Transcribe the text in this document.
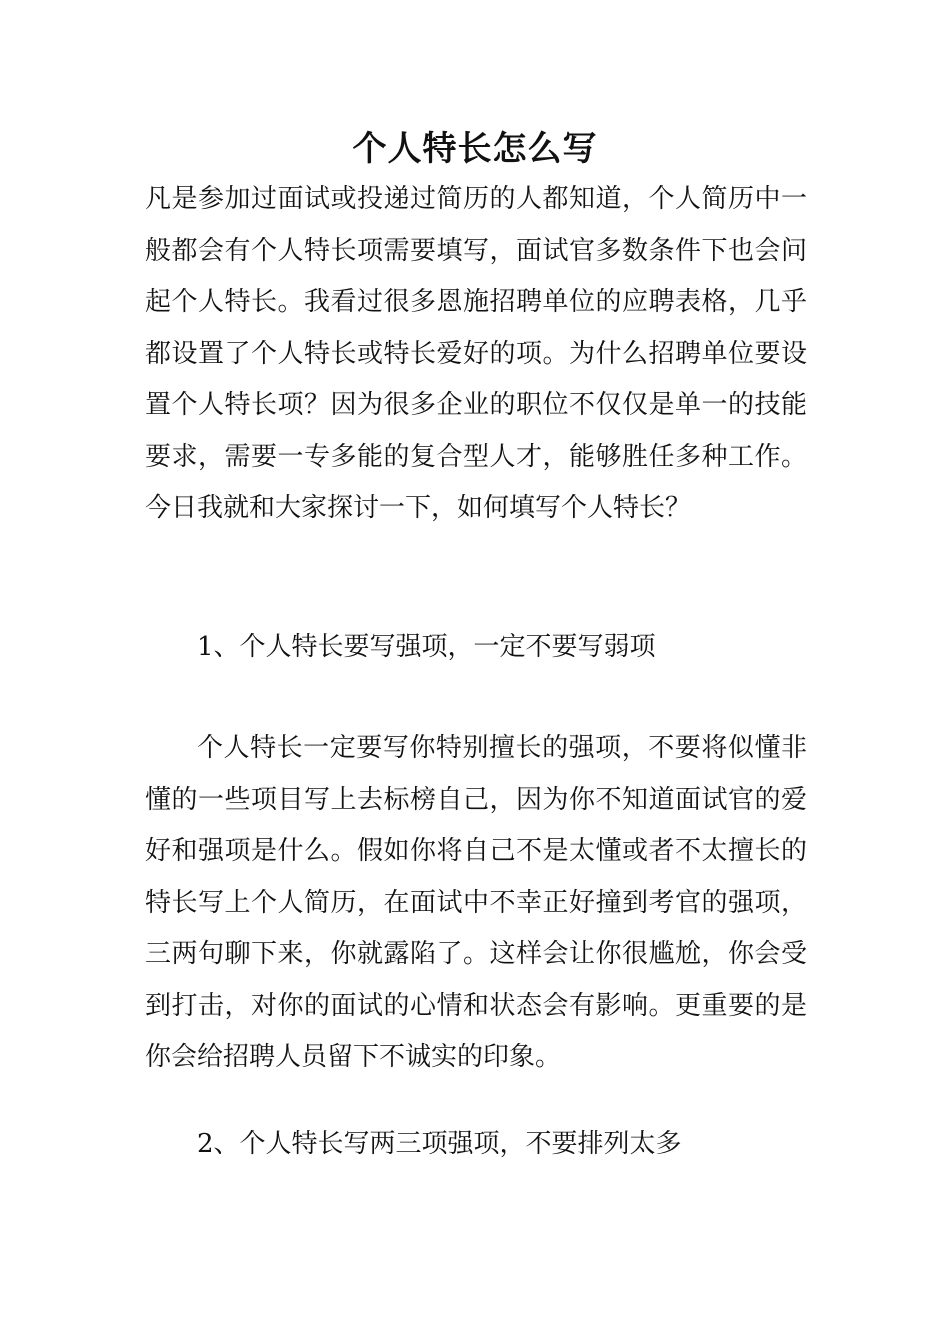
个人特长怎么写

凡是参加过面试或投递过简历的人都知道，个人简历中一般都会有个人特长项需要填写，面试官多数条件下也会问起个人特长。我看过很多恩施招聘单位的应聘表格，几乎都设置了个人特长或特长爱好的项。为什么招聘单位要设置个人特长项？因为很多企业的职位不仅仅是单一的技能要求，需要一专多能的复合型人才，能够胜任多种工作。今日我就和大家探讨一下，如何填写个人特长？

1、个人特长要写强项，一定不要写弱项

个人特长一定要写你特别擅长的强项，不要将似懂非懂的一些项目写上去标榜自己，因为你不知道面试官的爱好和强项是什么。假如你将自己不是太懂或者不太擅长的特长写上个人简历，在面试中不幸正好撞到考官的强项，三两句聊下来，你就露陷了。这样会让你很尴尬，你会受到打击，对你的面试的心情和状态会有影响。更重要的是你会给招聘人员留下不诚实的印象。

2、个人特长写两三项强项，不要排列太多
